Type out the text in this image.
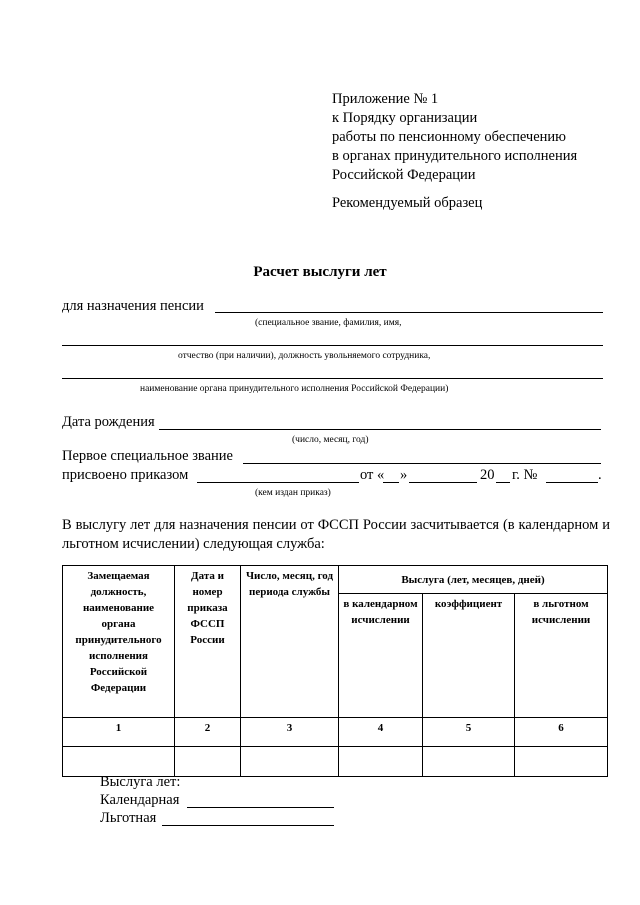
Приложение № 1
к Порядку организации
работы по пенсионному обеспечению
в органах принудительного исполнения
Российской Федерации
Рекомендуемый образец
Расчет выслуги лет
для назначения пенсии
(специальное звание, фамилия, имя,
отчество (при наличии), должность увольняемого сотрудника,
наименование органа принудительного исполнения Российской Федерации)
Дата рождения
(число, месяц, год)
Первое специальное звание
присвоено приказом	от « »	20 г. №	.
(кем издан приказ)
В выслугу лет для назначения пенсии от ФССП России засчитывается (в календарном и льготном исчислении) следующая служба:
Замещаемая должность, наименование органа принудительного исполнения Российской Федерации	Дата и номер приказа ФССП России	Число, месяц, год периода службы	Выслуга (лет, месяцев, дней)		
			в календарном исчислении	коэффициент	в льготном исчислении
1	2	3	4	5	6

Выслуга лет:
Календарная
Льготная
